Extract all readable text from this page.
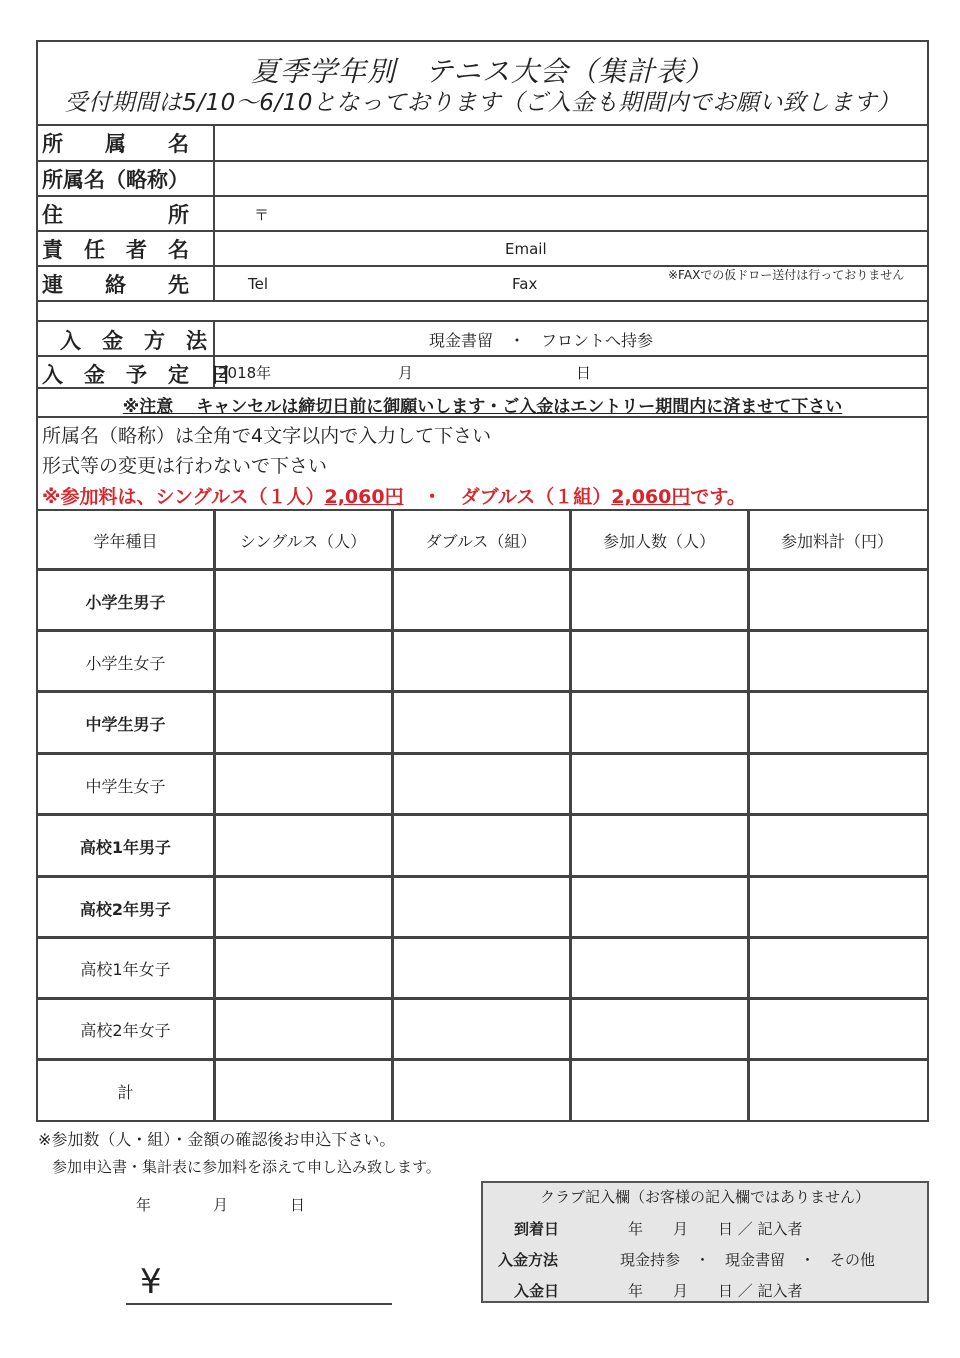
夏季学年別　テニス大会（集計表）
受付期間は5/10〜6/10となっております（ご入金も期間内でお願い致します）
所　　属　　名
所属名（略称）
住　　　　　所	〒
責　任　者　名	Email
連　　絡　　先	Tel	Fax	※FAXでの仮ドロー送付は行っておりません
入　金　方　法	現金書留　・　フロントへ持参
入　金　予　定　日
2018年	月	日
※注意　 キャンセルは締切日前に御願いします・ご入金はエントリー期間内に済ませて下さい
所属名（略称）は全角で4文字以内で入力して下さい
形式等の変更は行わないで下さい
※参加料は、シングルス（１人）2,060円　・　ダブルス（１組）2,060円です。
学年種目	シングルス（人）	ダブルス（組）	参加人数（人）	参加料計（円）
小学生男子
小学生女子
中学生男子
中学生女子
高校1年男子
高校2年男子
高校1年女子
高校2年女子
計
※参加数（人・組）・金額の確認後お申込下さい。
参加申込書・集計表に参加料を添えて申し込み致します。
年	月	日
¥
クラブ記入欄（お客様の記入欄ではありません）
到着日	年　　月　　日 ／ 記入者
入金方法	現金持参　・　現金書留　・　その他
入金日	年　　月　　日 ／ 記入者
